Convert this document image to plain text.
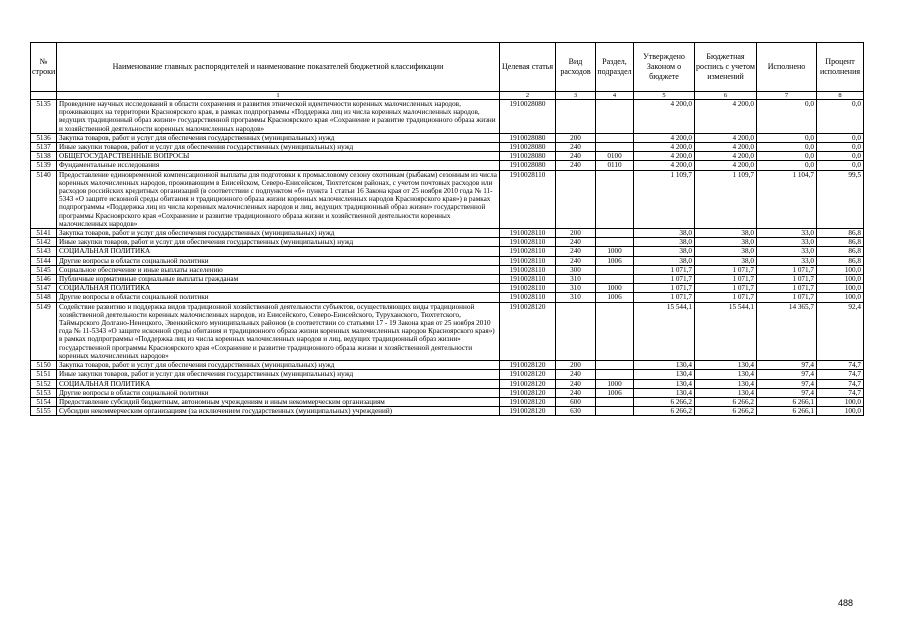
№ строки	Наименование главных распорядителей и наименование показателей бюджетной классификации	Целевая статья	Вид расходов	Раздел, подраздел	Утверждено Законом о бюджете	Бюджетная роспись с учетом изменений	Исполнено	Процент исполнения
	1	2	3	4	5	6	7	8
5135	Проведение научных исследований в области сохранения и развития этнической идентичности коренных малочисленных народов, проживающих на территории Красноярского края, в рамках подпрограммы «Поддержка лиц из числа коренных малочисленных народов, ведущих традиционный образ жизни» государственной программы Красноярского края «Сохранение и развитие традиционного образа жизни и хозяйственной деятельности коренных малочисленных народов»	1910028080			4 200,0	4 200,0	0,0	0,0
5136	Закупка товаров, работ и услуг для обеспечения государственных (муниципальных) нужд	1910028080	200		4 200,0	4 200,0	0,0	0,0
5137	Иные закупки товаров, работ и услуг для обеспечения государственных (муниципальных) нужд	1910028080	240		4 200,0	4 200,0	0,0	0,0
5138	ОБЩЕГОСУДАРСТВЕННЫЕ ВОПРОСЫ	1910028080	240	0100	4 200,0	4 200,0	0,0	0,0
5139	Фундаментальные исследования	1910028080	240	0110	4 200,0	4 200,0	0,0	0,0
5140	Предоставление единовременной компенсационной выплаты для подготовки к промысловому сезону охотникам (рыбакам) сезонным из числа коренных малочисленных народов, проживающим в Енисейском, Северо-Енисейском, Тюхтетском районах, с учетом почтовых расходов или расходов российских кредитных организаций (в соответствии с подпунктом «б» пункта 1 статьи 16 Закона края от 25 ноября 2010 года № 11-5343 «О защите исконной среды обитания и традиционного образа жизни коренных малочисленных народов Красноярского края») в рамках подпрограммы «Поддержка лиц из числа коренных малочисленных народов и лиц, ведущих традиционный образ жизни» государственной программы Красноярского края «Сохранение и развитие традиционного образа жизни и хозяйственной деятельности коренных малочисленных народов»	1910028110			1 109,7	1 109,7	1 104,7	99,5
5141	Закупка товаров, работ и услуг для обеспечения государственных (муниципальных) нужд	1910028110	200		38,0	38,0	33,0	86,8
5142	Иные закупки товаров, работ и услуг для обеспечения государственных (муниципальных) нужд	1910028110	240		38,0	38,0	33,0	86,8
5143	СОЦИАЛЬНАЯ ПОЛИТИКА	1910028110	240	1000	38,0	38,0	33,0	86,8
5144	Другие вопросы в области социальной политики	1910028110	240	1006	38,0	38,0	33,0	86,8
5145	Социальное обеспечение и иные выплаты населению	1910028110	300		1 071,7	1 071,7	1 071,7	100,0
5146	Публичные нормативные социальные выплаты гражданам	1910028110	310		1 071,7	1 071,7	1 071,7	100,0
5147	СОЦИАЛЬНАЯ ПОЛИТИКА	1910028110	310	1000	1 071,7	1 071,7	1 071,7	100,0
5148	Другие вопросы в области социальной политики	1910028110	310	1006	1 071,7	1 071,7	1 071,7	100,0
5149	Содействие развитию и поддержка видов традиционной хозяйственной деятельности субъектов, осуществляющих виды традиционной хозяйственной деятельности коренных малочисленных народов, из Енисейского, Северо-Енисейского, Туруханского, Тюхтетского, Таймырского Долгано-Ненецкого, Эвенкийского муниципальных районов (в соответствии со статьями 17 - 19 Закона края от 25 ноября 2010 года № 11-5343 «О защите исконной среды обитания и традиционного образа жизни коренных малочисленных народов Красноярского края») в рамках подпрограммы «Поддержка лиц из числа коренных малочисленных народов и лиц, ведущих традиционный образ жизни» государственной программы Красноярского края «Сохранение и развитие традиционного образа жизни и хозяйственной деятельности коренных малочисленных народов»	1910028120			15 544,1	15 544,1	14 365,7	92,4
5150	Закупка товаров, работ и услуг для обеспечения государственных (муниципальных) нужд	1910028120	200		130,4	130,4	97,4	74,7
5151	Иные закупки товаров, работ и услуг для обеспечения государственных (муниципальных) нужд	1910028120	240		130,4	130,4	97,4	74,7
5152	СОЦИАЛЬНАЯ ПОЛИТИКА	1910028120	240	1000	130,4	130,4	97,4	74,7
5153	Другие вопросы в области социальной политики	1910028120	240	1006	130,4	130,4	97,4	74,7
5154	Предоставление субсидий бюджетным, автономным учреждениям и иным некоммерческим организациям	1910028120	600		6 266,2	6 266,2	6 266,1	100,0
5155	Субсидии некоммерческим организациям (за исключением государственных (муниципальных) учреждений)	1910028120	630		6 266,2	6 266,2	6 266,1	100,0
488
